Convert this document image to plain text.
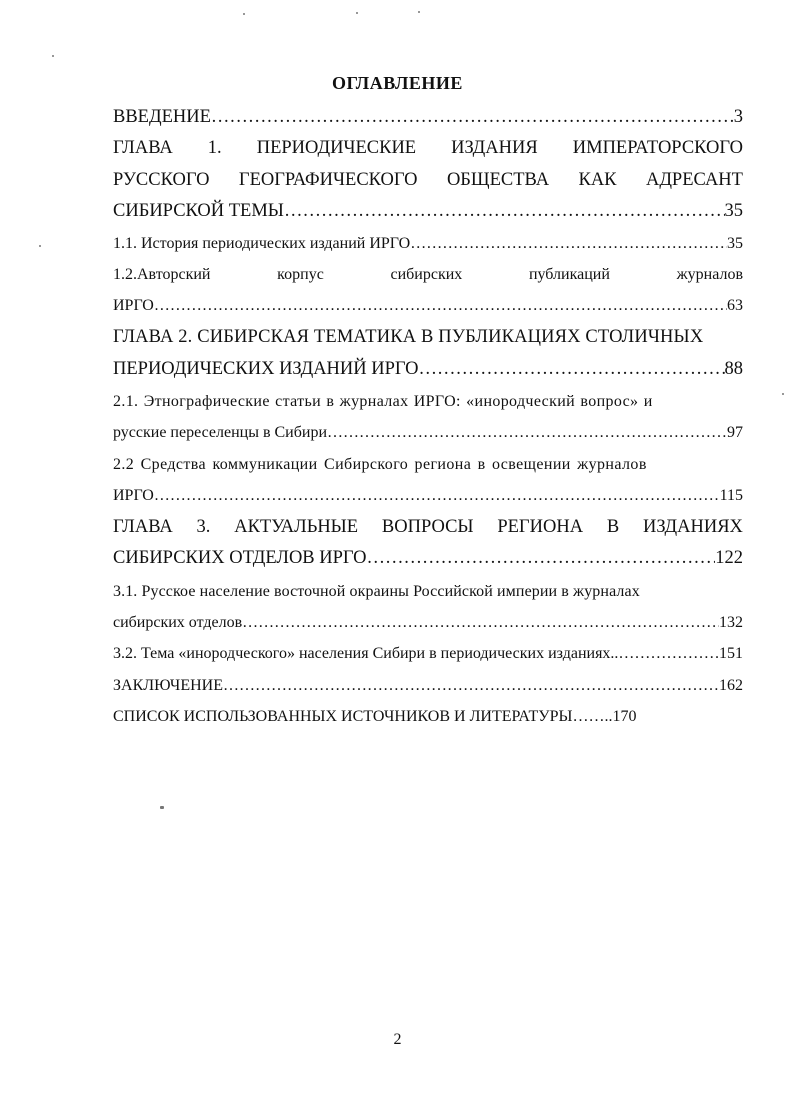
ОГЛАВЛЕНИЕ
ВВЕДЕНИЕ ………………………………………………………………………………………………………………………………………………………………………………………………………………	3
ГЛАВА 1. ПЕРИОДИЧЕСКИЕ ИЗДАНИЯ ИМПЕРАТОРСКОГО
РУССКОГО ГЕОГРАФИЧЕСКОГО ОБЩЕСТВА КАК АДРЕСАНТ
СИБИРСКОЙ ТЕМЫ ………………………………………………………………………………………………………………………………………………………………………………………………………………	35
1.1. История периодических изданий ИРГО ………………………………………………………………………………………………………………………………………………………………………………………………………………	35
1.2.Авторский	корпус	сибирских	публикаций	журналов
ИРГО ………………………………………………………………………………………………………………………………………………………………………………………………………………	63
ГЛАВА 2. СИБИРСКАЯ ТЕМАТИКА В ПУБЛИКАЦИЯХ СТОЛИЧНЫХ
ПЕРИОДИЧЕСКИХ ИЗДАНИЙ ИРГО ………………………………………………………………………………………………………………………………………………………………………………………………………………	88
2.1. Этнографические статьи в журналах ИРГО: «инородческий вопрос» и
русские переселенцы в Сибири ………………………………………………………………………………………………………………………………………………………………………………………………………………	97
2.2 Средства коммуникации Сибирского региона в освещении журналов
ИРГО ………………………………………………………………………………………………………………………………………………………………………………………………………………	115
ГЛАВА 3. АКТУАЛЬНЫЕ ВОПРОСЫ РЕГИОНА В ИЗДАНИЯХ
СИБИРСКИХ ОТДЕЛОВ ИРГО ………………………………………………………………………………………………………………………………………………………………………………………………………………	122
3.1. Русское население восточной окраины Российской империи в журналах
сибирских отделов ………………………………………………………………………………………………………………………………………………………………………………………………………………	132
3.2. Тема «инородческого» населения Сибири в периодических изданиях.. ………………………………………………………………………………………………………………………………………………………………………………………………………………	151
ЗАКЛЮЧЕНИЕ ………………………………………………………………………………………………………………………………………………………………………………………………………………	162
СПИСОК ИСПОЛЬЗОВАННЫХ ИСТОЧНИКОВ И ЛИТЕРАТУРЫ……..170
2
